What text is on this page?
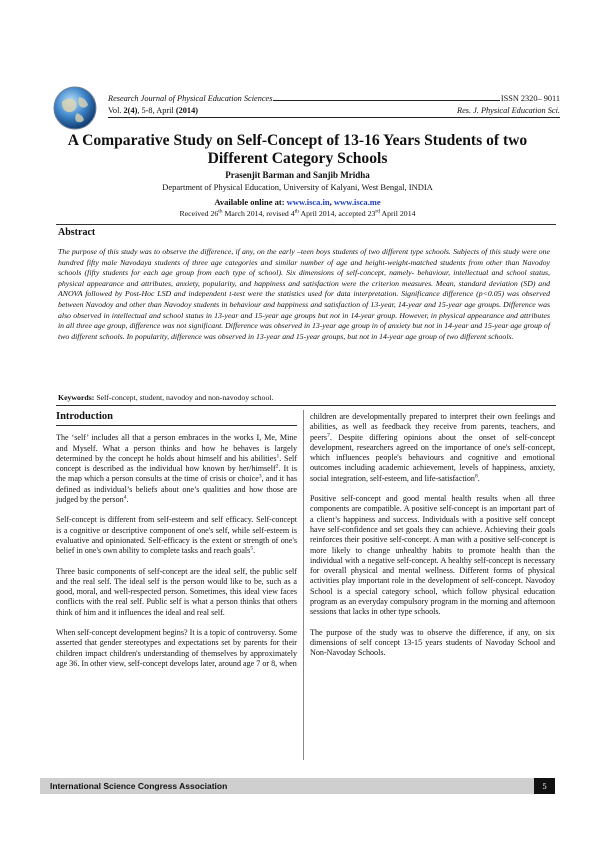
Research Journal of Physical Education Sciences	ISSN 2320– 9011
Vol. 2(4), 5-8, April (2014)	Res. J. Physical Education Sci.
A Comparative Study on Self-Concept of 13-16 Years Students of two Different Category Schools
Prasenjit Barman and Sanjib Mridha
Department of Physical Education, University of Kalyani, West Bengal, INDIA
Available online at: www.isca.in, www.isca.me
Received 26th March 2014, revised 4th April 2014, accepted 23rd April 2014
Abstract
The purpose of this study was to observe the difference, if any, on the early –teen boys students of two different type schools. Subjects of this study were one hundred fifty male Navodaya students of three age categories and similar number of age and height-weight-matched students from other than Navodoy schools (fifty students for each age group from each type of school). Six dimensions of self-concept, namely- behaviour, intellectual and school status, physical appearance and attributes, anxiety, popularity, and happiness and satisfaction were the criterion measures. Mean, standard deviation (SD) and ANOVA followed by Post-Hoc LSD and independent t-test were the statistics used for data interpretation. Significance difference (p<0.05) was observed between Navodoy and other than Navodoy students in behaviour and happiness and satisfaction of 13-year, 14-year and 15-year age groups. Difference was also observed in intellectual and school status in 13-year and 15-year age groups but not in 14-year group. However, in physical appearance and attributes in all three age group, difference was not significant. Difference was observed in 13-year age group in of anxiety but not in 14-year and 15-year age group of two different schools. In popularity, difference was observed in 13-year and 15-year groups, but not in 14-year age group of two different schools.
Keywords: Self-concept, student, navodoy and non-navodoy school.
Introduction

The ‘self’ includes all that a person embraces in the works I, Me, Mine and Myself. What a person thinks and how he behaves is largely determined by the concept he holds about himself and his abilities$^1$. Self concept is described as the individual how known by her/himself$^2$. It is the map which a person consults at the time of crisis or choice$^3$, and it has defined as individual’s beliefs about one’s qualities and how those are judged by the person$^4$.

Self-concept is different from self-esteem and self efficacy. Self-concept is a cognitive or descriptive component of one's self, while self-esteem is evaluative and opinionated. Self-efficacy is the extent or strength of one's belief in one's own ability to complete tasks and reach goals$^5$.

Three basic components of self-concept are the ideal self, the public self and the real self. The ideal self is the person would like to be, such as a good, moral, and well-respected person. Sometimes, this ideal view faces conflicts with the real self. Public self is what a person thinks that others think of him and it influences the ideal and real self.

When self-concept development begins? It is a topic of controversy. Some asserted that gender stereotypes and expectations set by parents for their children impact children's understanding of themselves by approximately age 36. In other view, self-concept develops later, around age 7 or 8, when

children are developmentally prepared to interpret their own feelings and abilities, as well as feedback they receive from parents, teachers, and peers$^7$. Despite differing opinions about the onset of self-concept development, researchers agreed on the importance of one's self-concept, which influences people's behaviours and cognitive and emotional outcomes including academic achievement, levels of happiness, anxiety, social integration, self-esteem, and life-satisfaction$^8$.

Positive self-concept and good mental health results when all three components are compatible. A positive self-concept is an important part of a client’s happiness and success. Individuals with a positive self concept have self-confidence and set goals they can achieve. Achieving their goals reinforces their positive self-concept. A man with a positive self-concept is more likely to change unhealthy habits to promote health than the individual with a negative self-concept. A healthy self-concept is necessary for overall physical and mental wellness. Different forms of physical activities play important role in the development of self-concept. Navodoy School is a special category school, which follow physical education program as an everyday compulsory program in the morning and afternoon sessions that lacks in other type schools.

The purpose of the study was to observe the difference, if any, on six dimensions of self concept 13-15 years students of Navoday School and Non-Navoday Schools.

International Science Congress Association	5
